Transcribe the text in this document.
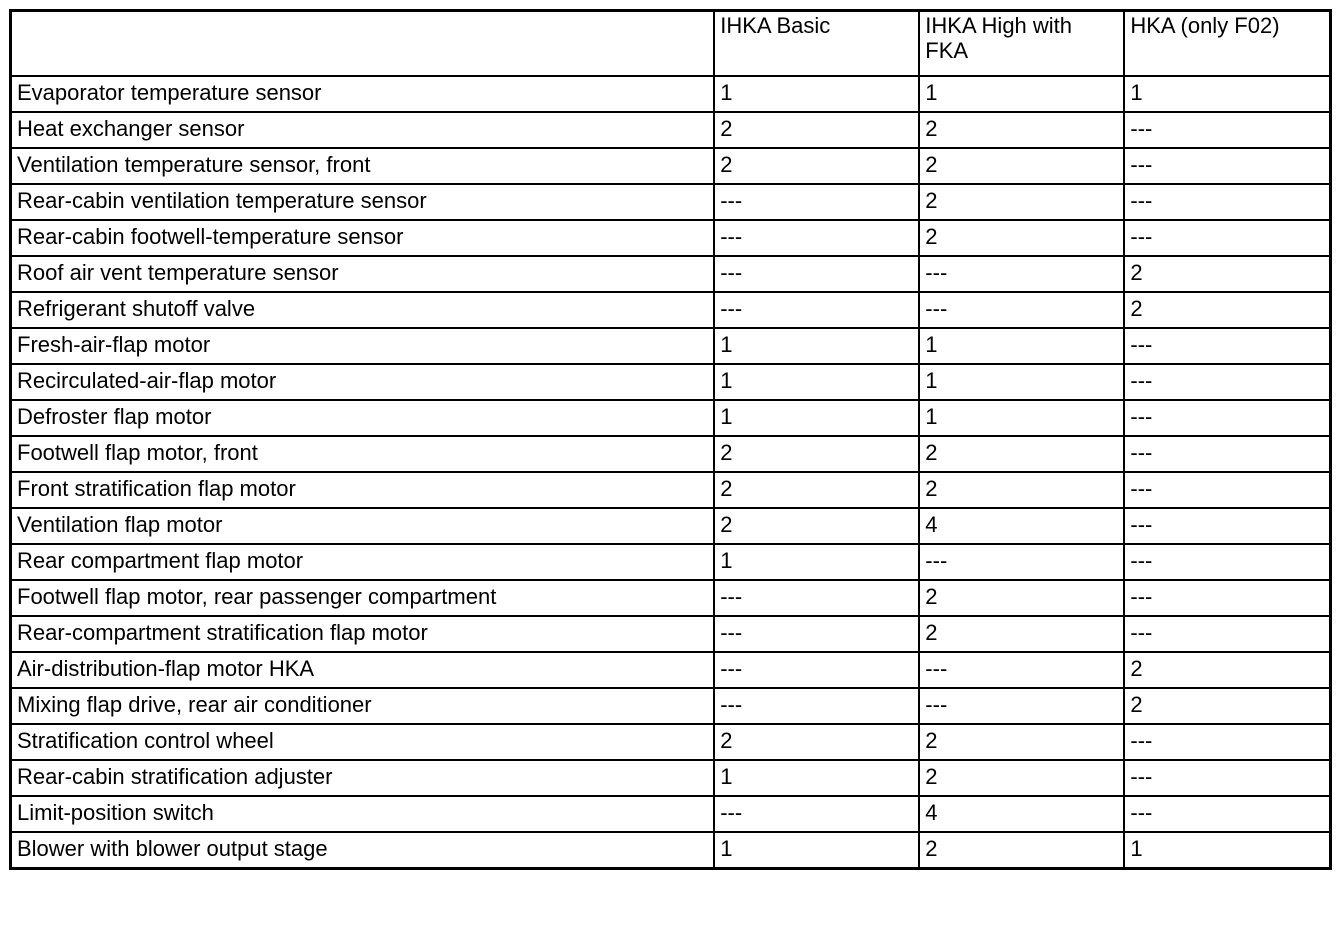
	IHKA Basic	IHKA High with FKA	HKA (only F02)
Evaporator temperature sensor	1	1	1
Heat exchanger sensor	2	2	---
Ventilation temperature sensor, front	2	2	---
Rear-cabin ventilation temperature sensor	---	2	---
Rear-cabin footwell-temperature sensor	---	2	---
Roof air vent temperature sensor	---	---	2
Refrigerant shutoff valve	---	---	2
Fresh-air-flap motor	1	1	---
Recirculated-air-flap motor	1	1	---
Defroster flap motor	1	1	---
Footwell flap motor, front	2	2	---
Front stratification flap motor	2	2	---
Ventilation flap motor	2	4	---
Rear compartment flap motor	1	---	---
Footwell flap motor, rear passenger compartment	---	2	---
Rear-compartment stratification flap motor	---	2	---
Air-distribution-flap motor HKA	---	---	2
Mixing flap drive, rear air conditioner	---	---	2
Stratification control wheel	2	2	---
Rear-cabin stratification adjuster	1	2	---
Limit-position switch	---	4	---
Blower with blower output stage	1	2	1
